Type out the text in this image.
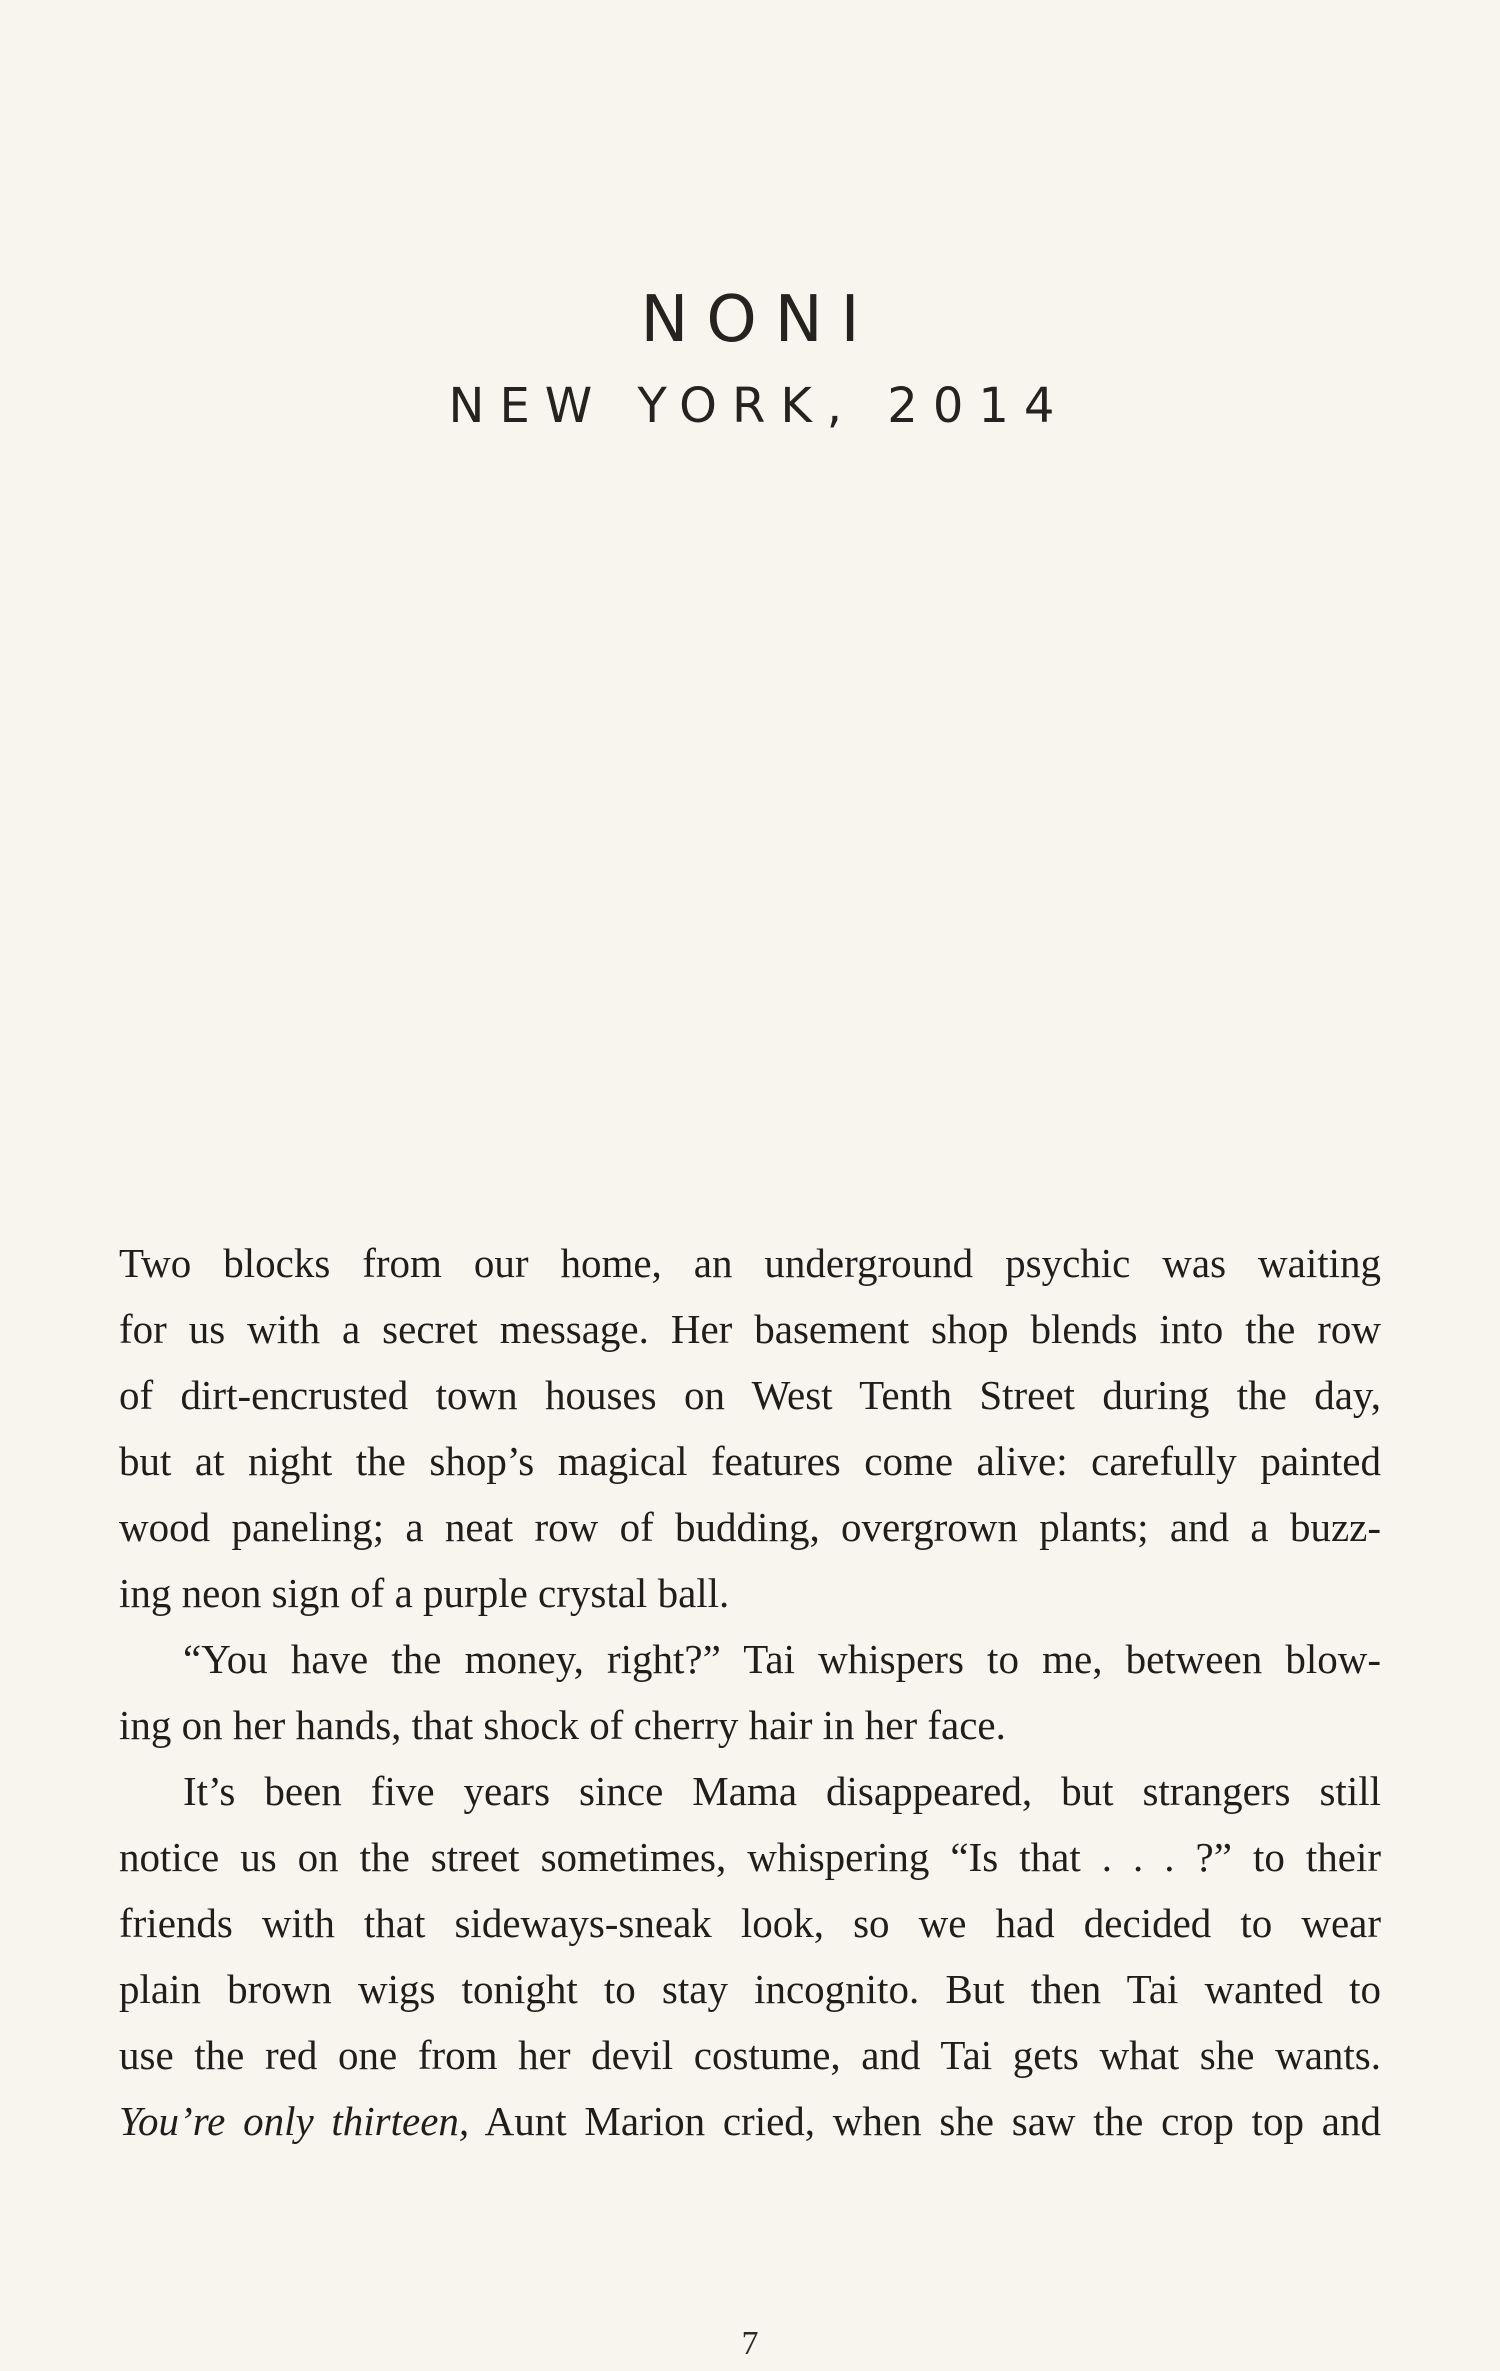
NONI
NEW YORK, 2014
Two blocks from our home, an underground psychic was waiting
for us with a secret message. Her basement shop blends into the row
of dirt-encrusted town houses on West Tenth Street during the day,
but at night the shop’s magical features come alive: carefully painted
wood paneling; a neat row of budding, overgrown plants; and a buzz-
ing neon sign of a purple crystal ball.
“You have the money, right?” Tai whispers to me, between blow-
ing on her hands, that shock of cherry hair in her face.
It’s been five years since Mama disappeared, but strangers still
notice us on the street sometimes, whispering “Is that . . . ?” to their
friends with that sideways-sneak look, so we had decided to wear
plain brown wigs tonight to stay incognito. But then Tai wanted to
use the red one from her devil costume, and Tai gets what she wants.
You’re only thirteen, Aunt Marion cried, when she saw the crop top and
7
